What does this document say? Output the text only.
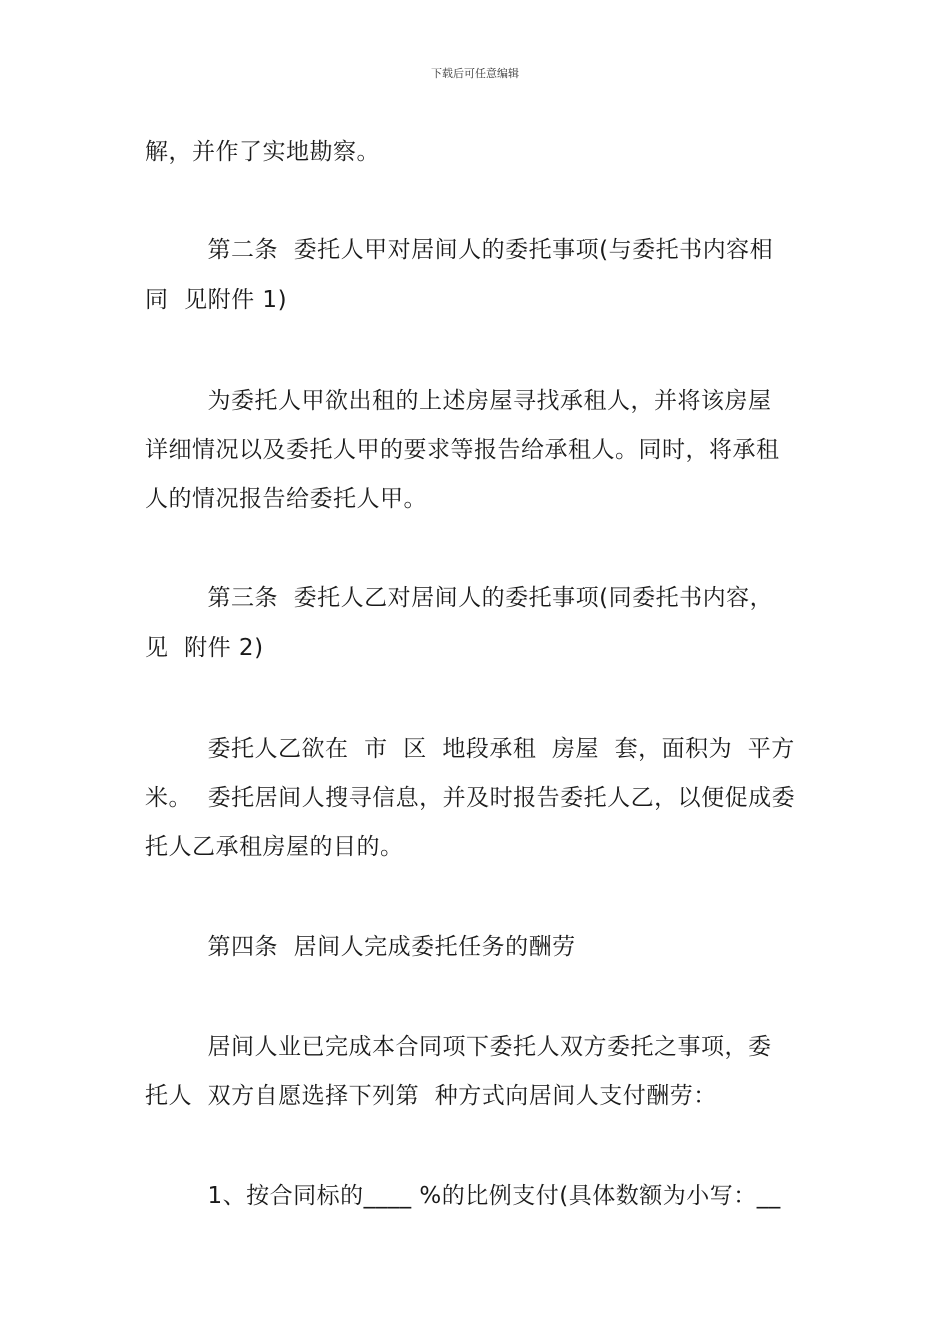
下载后可任意编辑
解，并作了实地勘察。
第二条  委托人甲对居间人的委托事项(与委托书内容相
同  见附件 1)
为委托人甲欲出租的上述房屋寻找承租人，并将该房屋
详细情况以及委托人甲的要求等报告给承租人。同时，将承租
人的情况报告给委托人甲。
第三条  委托人乙对居间人的委托事项(同委托书内容，
见  附件 2)
委托人乙欲在  市  区  地段承租  房屋  套，面积为  平方
米。  委托居间人搜寻信息，并及时报告委托人乙，以便促成委
托人乙承租房屋的目的。
第四条  居间人完成委托任务的酬劳
居间人业已完成本合同项下委托人双方委托之事项，委
托人  双方自愿选择下列第  种方式向居间人支付酬劳：
1、按合同标的____ %的比例支付(具体数额为小写：__
